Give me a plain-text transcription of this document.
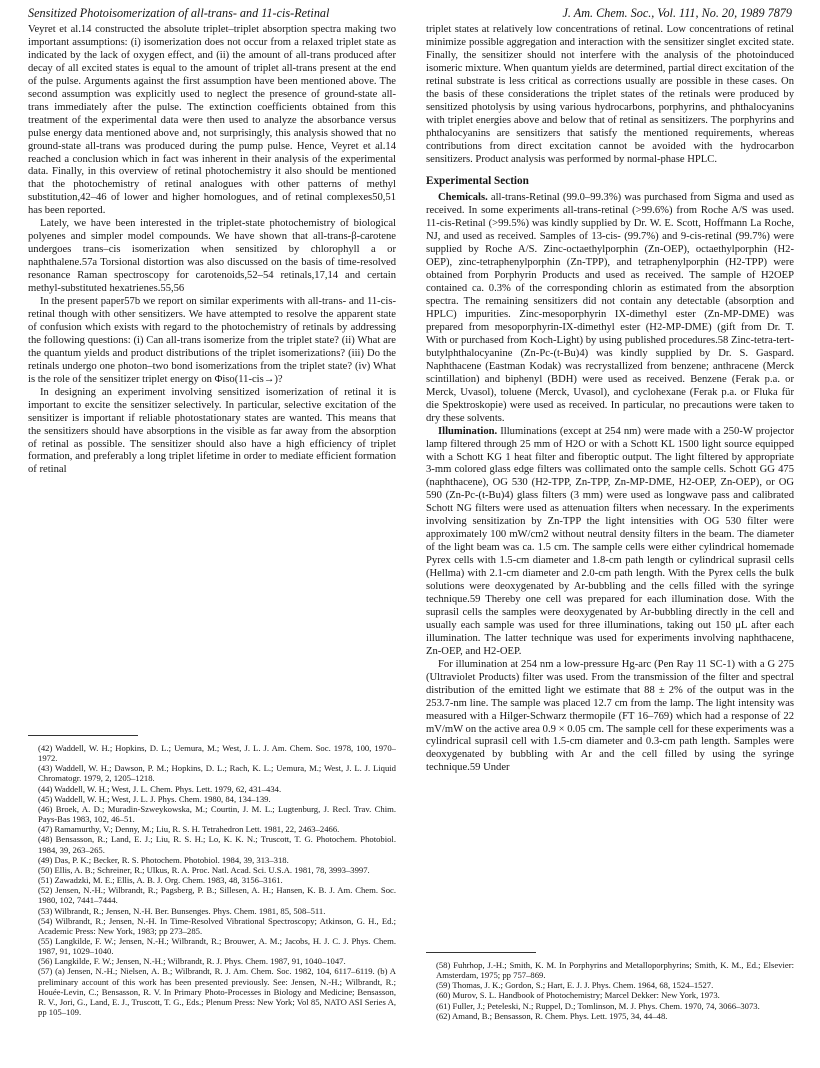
Sensitized Photoisomerization of all-trans- and 11-cis-Retinal	J. Am. Chem. Soc., Vol. 111, No. 20, 1989 7879

Veyret et al.14 constructed the absolute triplet–triplet absorption spectra making two important assumptions: (i) isomerization does not occur from a relaxed triplet state as indicated by the lack of oxygen effect, and (ii) the amount of all-trans produced after decay of all excited states is equal to the amount of triplet all-trans present at the end of the pulse. Arguments against the first assumption have been mentioned above. The second assumption was explicitly used to neglect the presence of ground-state all-trans immediately after the pulse. The extinction coefficients obtained from this treatment of the experimental data were then used to analyze the absorbance versus pulse energy data mentioned above and, not surprisingly, this analysis showed that no ground-state all-trans was produced during the pump pulse. Hence, Veyret et al.14 reached a conclusion which in fact was inherent in their analysis of the experimental data. Finally, in this overview of retinal photochemistry it also should be mentioned that the photochemistry of retinal analogues with other patterns of methyl substitution,42–46 of lower and higher homologues, and of retinal complexes50,51 has been reported.

Lately, we have been interested in the triplet-state photochemistry of biological polyenes and simpler model compounds. We have shown that all-trans-β-carotene undergoes trans–cis isomerization when sensitized by chlorophyll a or naphthalene.57a Torsional distortion was also discussed on the basis of time-resolved resonance Raman spectroscopy for carotenoids,52–54 retinals,17,14 and certain methyl-substituted hexatrienes.55,56

In the present paper57b we report on similar experiments with all-trans- and 11-cis-retinal though with other sensitizers. We have attempted to resolve the apparent state of confusion which exists with regard to the photochemistry of retinals by addressing the following questions: (i) Can all-trans isomerize from the triplet state? (ii) What are the quantum yields and product distributions of the triplet isomerizations? (iii) Do the retinals undergo one photon–two bond isomerizations from the triplet state? (iv) What is the role of the sensitizer triplet energy on Φiso(11-cis→)?

In designing an experiment involving sensitized isomerization of retinal it is important to excite the sensitizer selectively. In particular, selective excitation of the sensitizer is important if reliable photostationary states are wanted. This means that the sensitizers should have absorptions in the visible as far away from the absorption of retinal as possible. The sensitizer should also have a high efficiency of triplet formation, and preferably a long triplet lifetime in order to mediate efficient formation of retinal

(42) Waddell, W. H.; Hopkins, D. L.; Uemura, M.; West, J. L. J. Am. Chem. Soc. 1978, 100, 1970–1972.

(43) Waddell, W. H.; Dawson, P. M.; Hopkins, D. L.; Rach, K. L.; Uemura, M.; West, J. L. J. Liquid Chromatogr. 1979, 2, 1205–1218.

(44) Waddell, W. H.; West, J. L. Chem. Phys. Lett. 1979, 62, 431–434.

(45) Waddell, W. H.; West, J. L. J. Phys. Chem. 1980, 84, 134–139.

(46) Broek, A. D.; Muradin-Szweykowska, M.; Courtin, J. M. L.; Lugtenburg, J. Recl. Trav. Chim. Pays-Bas 1983, 102, 46–51.

(47) Ramamurthy, V.; Denny, M.; Liu, R. S. H. Tetrahedron Lett. 1981, 22, 2463–2466.

(48) Bensasson, R.; Land, E. J.; Liu, R. S. H.; Lo, K. K. N.; Truscott, T. G. Photochem. Photobiol. 1984, 39, 263–265.

(49) Das, P. K.; Becker, R. S. Photochem. Photobiol. 1984, 39, 313–318.

(50) Ellis, A. B.; Schreiner, R.; Ulkus, R. A. Proc. Natl. Acad. Sci. U.S.A. 1981, 78, 3993–3997.

(51) Zawadzki, M. E.; Ellis, A. B. J. Org. Chem. 1983, 48, 3156–3161.

(52) Jensen, N.-H.; Wilbrandt, R.; Pagsberg, P. B.; Sillesen, A. H.; Hansen, K. B. J. Am. Chem. Soc. 1980, 102, 7441–7444.

(53) Wilbrandt, R.; Jensen, N.-H. Ber. Bunsenges. Phys. Chem. 1981, 85, 508–511.

(54) Wilbrandt, R.; Jensen, N.-H. In Time-Resolved Vibrational Spectroscopy; Atkinson, G. H., Ed.; Academic Press: New York, 1983; pp 273–285.

(55) Langkilde, F. W.; Jensen, N.-H.; Wilbrandt, R.; Brouwer, A. M.; Jacobs, H. J. C. J. Phys. Chem. 1987, 91, 1029–1040.

(56) Langkilde, F. W.; Jensen, N.-H.; Wilbrandt, R. J. Phys. Chem. 1987, 91, 1040–1047.

(57) (a) Jensen, N.-H.; Nielsen, A. B.; Wilbrandt, R. J. Am. Chem. Soc. 1982, 104, 6117–6119. (b) A preliminary account of this work has been presented previously. See: Jensen, N.-H.; Wilbrandt, R.; Houée-Levin, C.; Bensasson, R. V. In Primary Photo-Processes in Biology and Medicine; Bensasson, R. V., Jori, G., Land, E. J., Truscott, T. G., Eds.; Plenum Press: New York; Vol 85, NATO ASI Series A, pp 105–109.

triplet states at relatively low concentrations of retinal. Low concentrations of retinal minimize possible aggregation and interaction with the sensitizer singlet excited state. Finally, the sensitizer should not interfere with the analysis of the photoinduced isomeric mixture. When quantum yields are determined, partial direct excitation of the retinal substrate is less critical as corrections usually are possible in these cases. On the basis of these considerations the triplet states of the retinals were produced by sensitized photolysis by using various hydrocarbons, porphyrins, and phthalocyanins with triplet energies above and below that of retinal as sensitizers. The porphyrins and phthalocyanins are sensitizers that satisfy the mentioned requirements, whereas contributions from direct excitation cannot be avoided with the hydrocarbon sensitizers. Product analysis was performed by normal-phase HPLC.

Experimental Section

Chemicals. all-trans-Retinal (99.0–99.3%) was purchased from Sigma and used as received. In some experiments all-trans-retinal (>99.6%) from Roche A/S was used. 11-cis-Retinal (>99.5%) was kindly supplied by Dr. W. E. Scott, Hoffmann La Roche, NJ, and used as received. Samples of 13-cis- (99.7%) and 9-cis-retinal (99.7%) were supplied by Roche A/S. Zinc-octaethylporphin (Zn-OEP), octaethylporphin (H2-OEP), zinc-tetraphenylporphin (Zn-TPP), and tetraphenylporphin (H2-TPP) were obtained from Porphyrin Products and used as received. The sample of H2OEP contained ca. 0.3% of the corresponding chlorin as estimated from the absorption spectra. The remaining sensitizers did not contain any detectable (absorption and HPLC) impurities. Zinc-mesoporphyrin IX-dimethyl ester (Zn-MP-DME) was prepared from mesoporphyrin-IX-dimethyl ester (H2-MP-DME) (gift from Dr. T. With or purchased from Koch-Light) by using published procedures.58 Zinc-tetra-tert-butylphthalocyanine (Zn-Pc-(t-Bu)4) was kindly supplied by Dr. S. Gaspard. Naphthacene (Eastman Kodak) was recrystallized from benzene; anthracene (Merck scintillation) and biphenyl (BDH) were used as received. Benzene (Ferak p.a. or Merck, Uvasol), toluene (Merck, Uvasol), and cyclohexane (Ferak p.a. or Fluka für die Spektroskopie) were used as received. In particular, no precautions were taken to dry these solvents.

Illumination. Illuminations (except at 254 nm) were made with a 250-W projector lamp filtered through 25 mm of H2O or with a Schott KL 1500 light source equipped with a Schott KG 1 heat filter and fiberoptic output. The light filtered by appropriate 3-mm colored glass edge filters was collimated onto the sample cells. Schott GG 475 (naphthacene), OG 530 (H2-TPP, Zn-TPP, Zn-MP-DME, H2-OEP, Zn-OEP), or OG 590 (Zn-Pc-(t-Bu)4) glass filters (3 mm) were used as longwave pass and calibrated Schott NG filters were used as attenuation filters when necessary. In the experiments involving sensitization by Zn-TPP the light intensities with OG 530 filter were approximately 100 mW/cm2 without neutral density filters in the beam. The diameter of the light beam was ca. 1.5 cm. The sample cells were either cylindrical homemade Pyrex cells with 1.5-cm diameter and 1.8-cm path length or cylindrical suprasil cells (Hellma) with 2.1-cm diameter and 2.0-cm path length. With the Pyrex cells the bulk solutions were deoxygenated by Ar-bubbling and the cells filled with the syringe technique.59 Thereby one cell was prepared for each illumination dose. With the suprasil cells the samples were deoxygenated by Ar-bubbling directly in the cell and usually each sample was used for three illuminations, taking out 150 μL after each illumination. The latter technique was used for experiments involving naphthacene, Zn-OEP, and H2-OEP.

For illumination at 254 nm a low-pressure Hg-arc (Pen Ray 11 SC-1) with a G 275 (Ultraviolet Products) filter was used. From the transmission of the filter and spectral distribution of the emitted light we estimate that 88 ± 2% of the output was in the 253.7-nm line. The sample was placed 12.7 cm from the lamp. The light intensity was measured with a Hilger-Schwarz thermopile (FT 16–769) which had a response of 22 mV/mW on the active area 0.9 × 0.05 cm. The sample cell for these experiments was a cylindrical suprasil cell with 1.5-cm diameter and 0.3-cm path length. Samples were deoxygenated by bubbling with Ar and the cell filled by using the syringe technique.59 Under

(58) Fuhrhop, J.-H.; Smith, K. M. In Porphyrins and Metalloporphyrins; Smith, K. M., Ed.; Elsevier: Amsterdam, 1975; pp 757–869.

(59) Thomas, J. K.; Gordon, S.; Hart, E. J. J. Phys. Chem. 1964, 68, 1524–1527.

(60) Murov, S. L. Handbook of Photochemistry; Marcel Dekker: New York, 1973.

(61) Fuller, J.; Peteleski, N.; Ruppel, D.; Tomlinson, M. J. Phys. Chem. 1970, 74, 3066–3073.

(62) Amand, B.; Bensasson, R. Chem. Phys. Lett. 1975, 34, 44–48.
